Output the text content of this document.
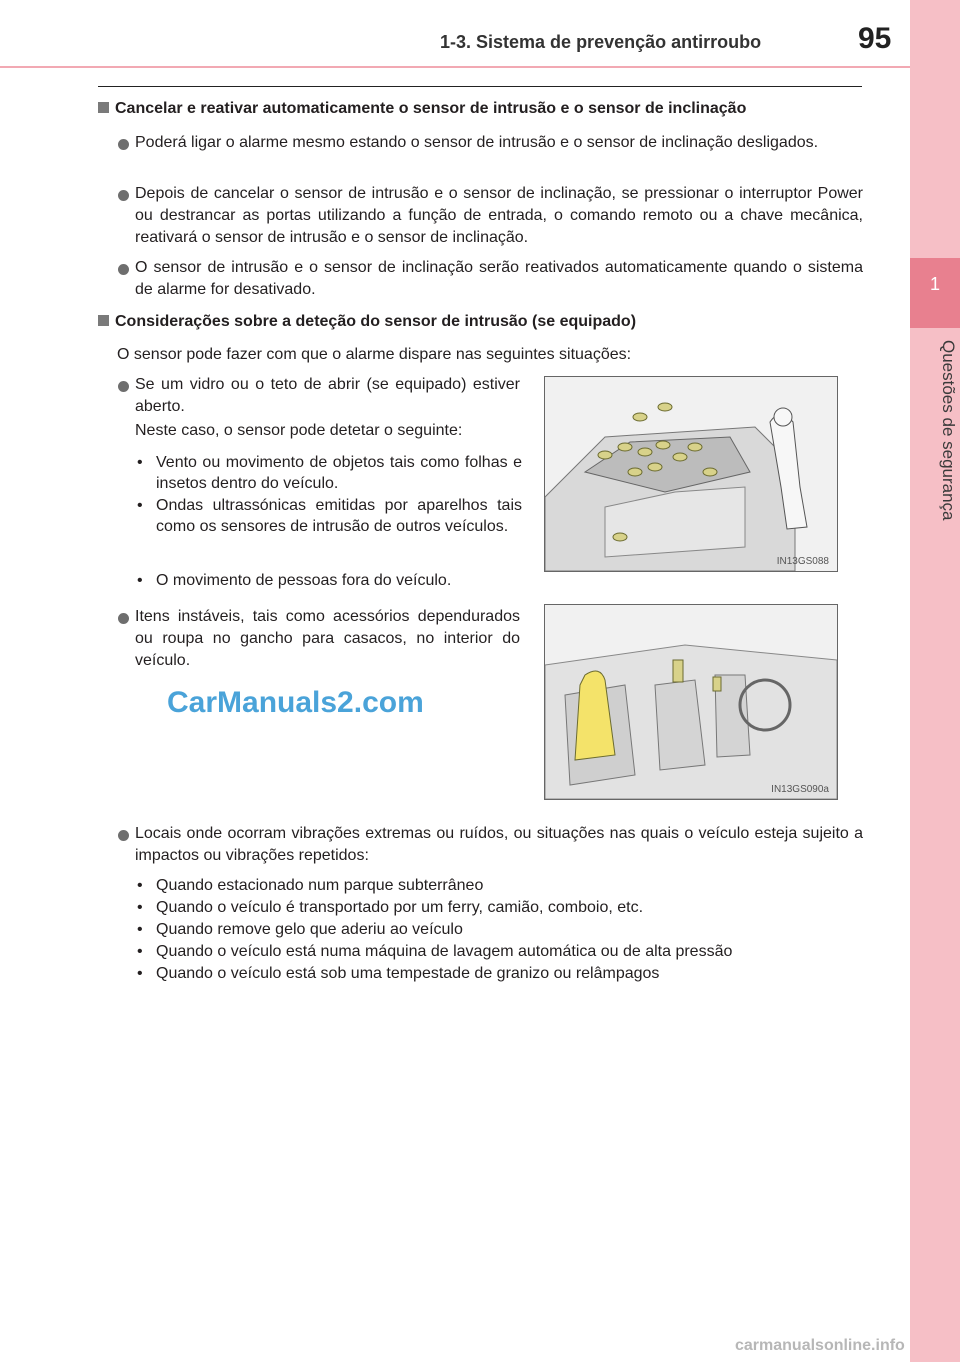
1-3. Sistema de prevenção antirroubo	95
1
Questões de segurança
Cancelar e reativar automaticamente o sensor de intrusão e o sensor de inclinação
Poderá ligar o alarme mesmo estando o sensor de intrusão e o sensor de inclinação desligados.
Depois de cancelar o sensor de intrusão e o sensor de inclinação, se pressionar o interruptor Power ou destrancar as portas utilizando a função de entrada, o comando remoto ou a chave mecânica, reativará o sensor de intrusão e o sensor de inclinação.
O sensor de intrusão e o sensor de inclinação serão reativados automaticamente quando o sistema de alarme for desativado.
Considerações sobre a deteção do sensor de intrusão (se equipado)
O sensor pode fazer com que o alarme dispare nas seguintes situações:
Se um vidro ou o teto de abrir (se equipado) estiver aberto.
Neste caso, o sensor pode detetar o seguinte:
• Vento ou movimento de objetos tais como folhas e insetos dentro do veículo.
• Ondas ultrassónicas emitidas por aparelhos tais como os sensores de intrusão de outros veículos.
• O movimento de pessoas fora do veículo.
IN13GS088
Itens instáveis, tais como acessórios dependurados ou roupa no gancho para casacos, no interior do veículo.
IN13GS090a
CarManuals2.com
Locais onde ocorram vibrações extremas ou ruídos, ou situações nas quais o veículo esteja sujeito a impactos ou vibrações repetidos:
• Quando estacionado num parque subterrâneo
• Quando o veículo é transportado por um ferry, camião, comboio, etc.
• Quando remove gelo que aderiu ao veículo
• Quando o veículo está numa máquina de lavagem automática ou de alta pressão
• Quando o veículo está sob uma tempestade de granizo ou relâmpagos
carmanualsonline.info
